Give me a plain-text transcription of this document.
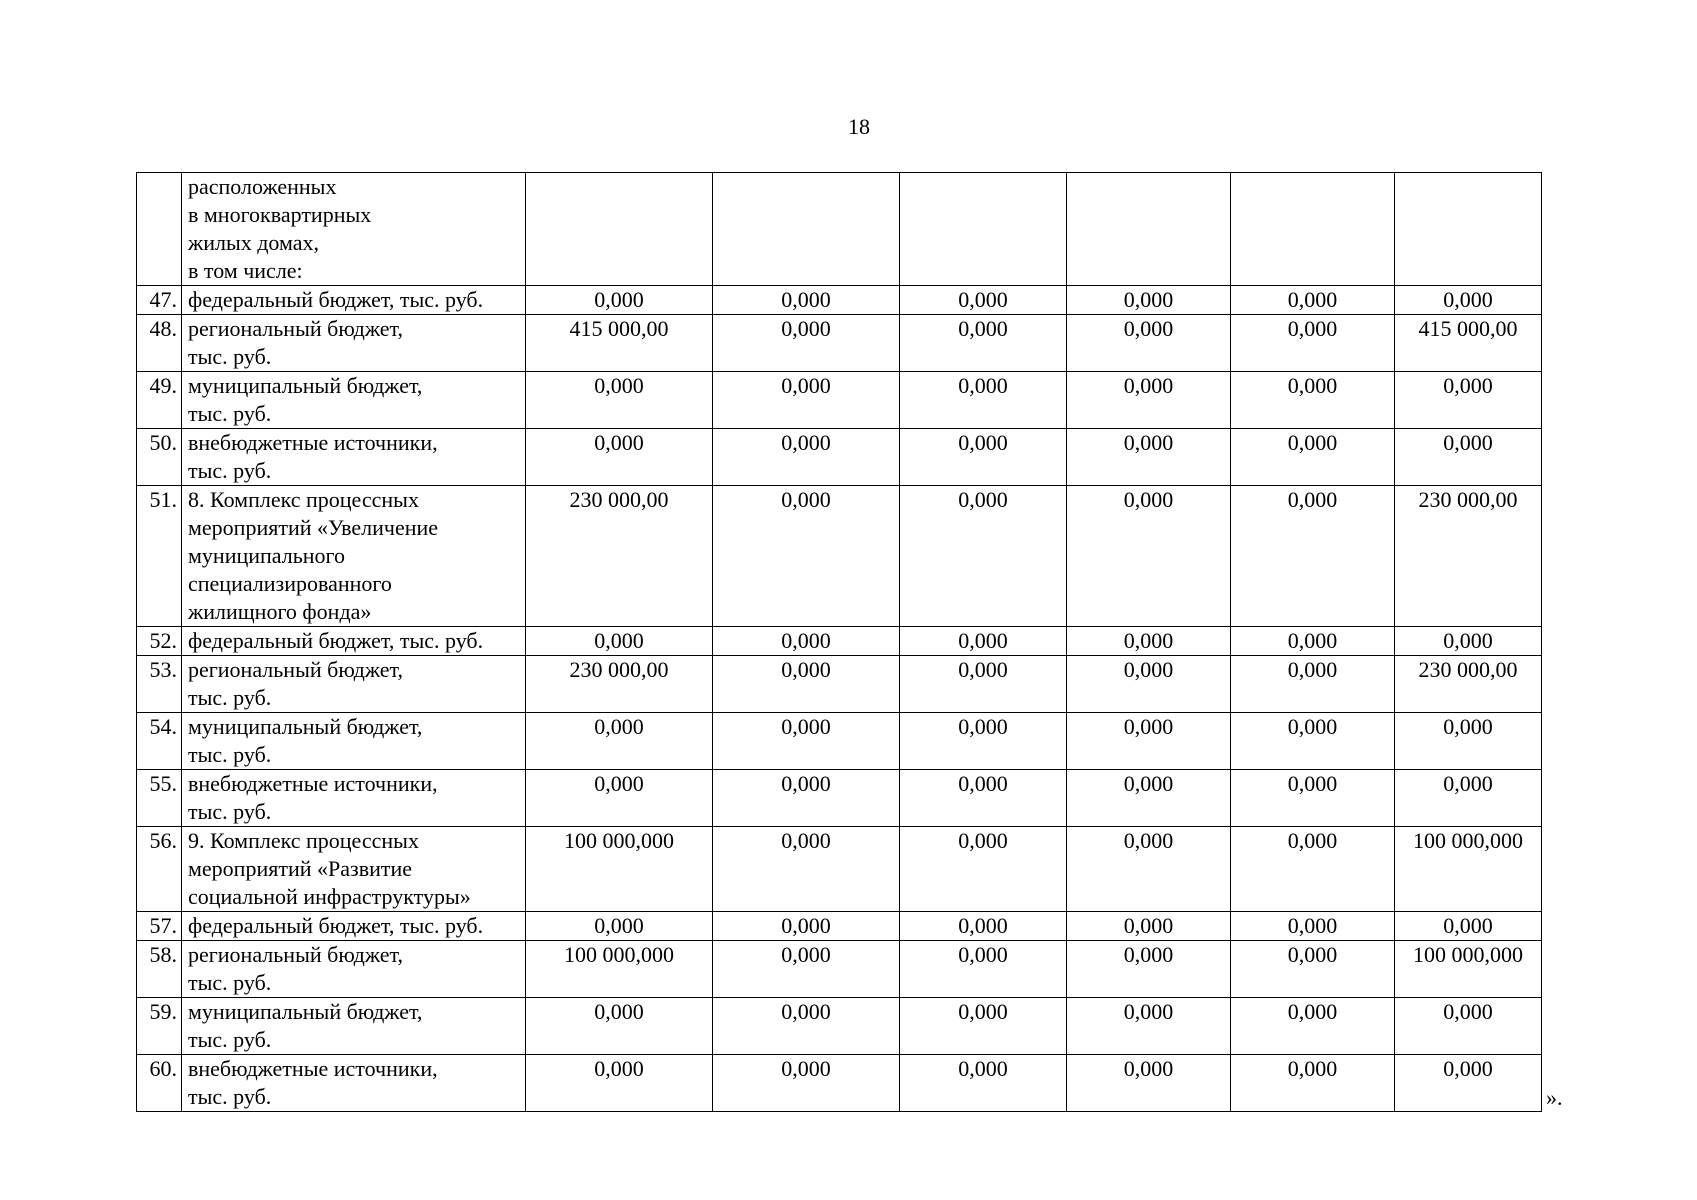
18
	расположенных
в многоквартирных
жилых домах,
в том числе:						
47.	федеральный бюджет, тыс. руб.	0,000	0,000	0,000	0,000	0,000	0,000
48.	региональный бюджет,
тыс. руб.	415 000,00	0,000	0,000	0,000	0,000	415 000,00
49.	муниципальный бюджет,
тыс. руб.	0,000	0,000	0,000	0,000	0,000	0,000
50.	внебюджетные источники,
тыс. руб.	0,000	0,000	0,000	0,000	0,000	0,000
51.	8. Комплекс процессных
мероприятий «Увеличение
муниципального
специализированного
жилищного фонда»	230 000,00	0,000	0,000	0,000	0,000	230 000,00
52.	федеральный бюджет, тыс. руб.	0,000	0,000	0,000	0,000	0,000	0,000
53.	региональный бюджет,
тыс. руб.	230 000,00	0,000	0,000	0,000	0,000	230 000,00
54.	муниципальный бюджет,
тыс. руб.	0,000	0,000	0,000	0,000	0,000	0,000
55.	внебюджетные источники,
тыс. руб.	0,000	0,000	0,000	0,000	0,000	0,000
56.	9. Комплекс процессных
мероприятий «Развитие
социальной инфраструктуры»	100 000,000	0,000	0,000	0,000	0,000	100 000,000
57.	федеральный бюджет, тыс. руб.	0,000	0,000	0,000	0,000	0,000	0,000
58.	региональный бюджет,
тыс. руб.	100 000,000	0,000	0,000	0,000	0,000	100 000,000
59.	муниципальный бюджет,
тыс. руб.	0,000	0,000	0,000	0,000	0,000	0,000
60.	внебюджетные источники,
тыс. руб.	0,000	0,000	0,000	0,000	0,000	0,000
».
